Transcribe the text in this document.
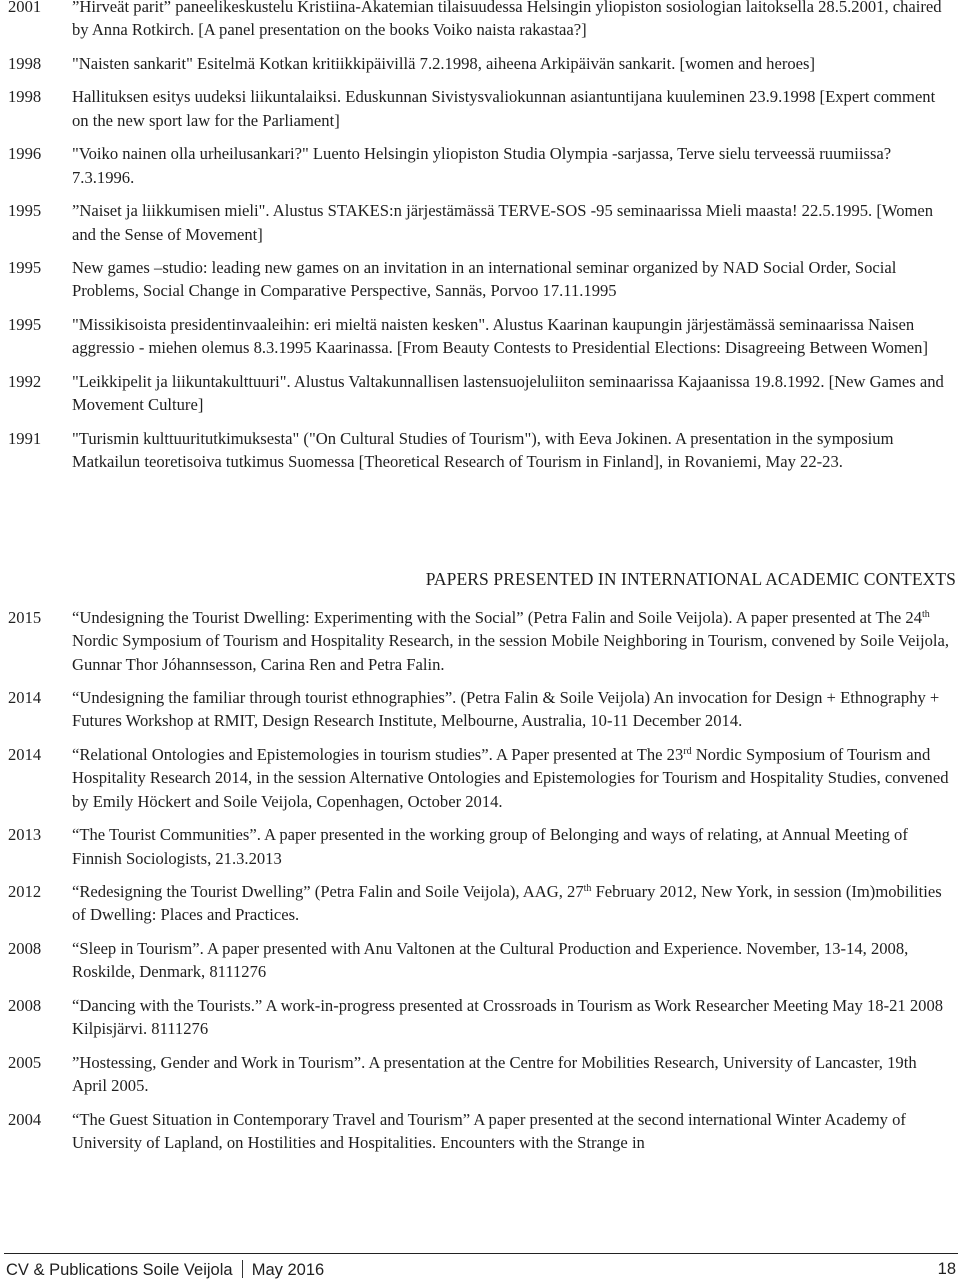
2001	”Hirveät parit” paneelikeskustelu Kristiina-Akatemian tilaisuudessa Helsingin yliopiston sosiologian laitoksella 28.5.2001, chaired by Anna Rotkirch. [A panel presentation on the books Voiko naista rakastaa?]
1998	"Naisten sankarit" Esitelmä Kotkan kritiikkipäivillä 7.2.1998, aiheena Arkipäivän sankarit. [women and heroes]
1998	Hallituksen esitys uudeksi liikuntalaiksi. Eduskunnan Sivistysvaliokunnan asiantuntijana kuuleminen 23.9.1998 [Expert comment on the new sport law for the Parliament]
1996	"Voiko nainen olla urheilusankari?" Luento Helsingin yliopiston Studia Olympia -sarjassa, Terve sielu terveessä ruumiissa? 7.3.1996.
1995	”Naiset ja liikkumisen mieli". Alustus STAKES:n järjestämässä TERVE-SOS -95 seminaarissa Mieli maasta! 22.5.1995. [Women and the Sense of Movement]
1995	New games –studio: leading new games on an invitation in an international seminar organized by NAD Social Order, Social Problems, Social Change in Comparative Perspective, Sannäs, Porvoo 17.11.1995
1995	"Missikisoista presidentinvaaleihin: eri mieltä naisten kesken". Alustus Kaarinan kaupungin järjestämässä seminaarissa Naisen aggressio - miehen olemus 8.3.1995 Kaarinassa. [From Beauty Contests to Presidential Elections: Disagreeing Between Women]
1992	"Leikkipelit ja liikuntakulttuuri". Alustus Valtakunnallisen lastensuojeluliiton seminaarissa Kajaanissa 19.8.1992. [New Games and Movement Culture]
1991	"Turismin kulttuuritutkimuksesta" ("On Cultural Studies of Tourism"), with Eeva Jokinen. A presentation in the symposium Matkailun teoretisoiva tutkimus Suomessa [Theoretical Research of Tourism in Finland], in Rovaniemi, May 22-23.
PAPERS PRESENTED IN INTERNATIONAL ACADEMIC CONTEXTS
2015	“Undesigning the Tourist Dwelling: Experimenting with the Social” (Petra Falin and Soile Veijola). A paper presented at The 24th Nordic Symposium of Tourism and Hospitality Research, in the session Mobile Neighboring in Tourism, convened by Soile Veijola, Gunnar Thor Jóhannsesson, Carina Ren and Petra Falin.
2014	“Undesigning the familiar through tourist ethnographies”. (Petra Falin & Soile Veijola) An invocation for Design + Ethnography + Futures Workshop at RMIT, Design Research Institute, Melbourne, Australia, 10-11 December 2014.
2014	“Relational Ontologies and Epistemologies in tourism studies”. A Paper presented at The 23rd Nordic Symposium of Tourism and Hospitality Research 2014, in the session Alternative Ontologies and Epistemologies for Tourism and Hospitality Studies, convened by Emily Höckert and Soile Veijola, Copenhagen, October 2014.
2013	“The Tourist Communities”. A paper presented in the working group of Belonging and ways of relating, at Annual Meeting of Finnish Sociologists, 21.3.2013
2012	“Redesigning the Tourist Dwelling” (Petra Falin and Soile Veijola), AAG, 27th February 2012, New York, in session (Im)mobilities of Dwelling: Places and Practices.
2008	“Sleep in Tourism”. A paper presented with Anu Valtonen at the Cultural Production and Experience. November, 13-14, 2008, Roskilde, Denmark, 8111276
2008	“Dancing with the Tourists.” A work-in-progress presented at Crossroads in Tourism as Work Researcher Meeting May 18-21 2008 Kilpisjärvi. 8111276
2005	”Hostessing, Gender and Work in Tourism”. A presentation at the Centre for Mobilities Research, University of Lancaster, 19th April 2005.
2004	“The Guest Situation in Contemporary Travel and Tourism” A paper presented at the second international Winter Academy of University of Lapland, on Hostilities and Hospitalities. Encounters with the Strange in
CV & Publications Soile Veijola May 2016	18
